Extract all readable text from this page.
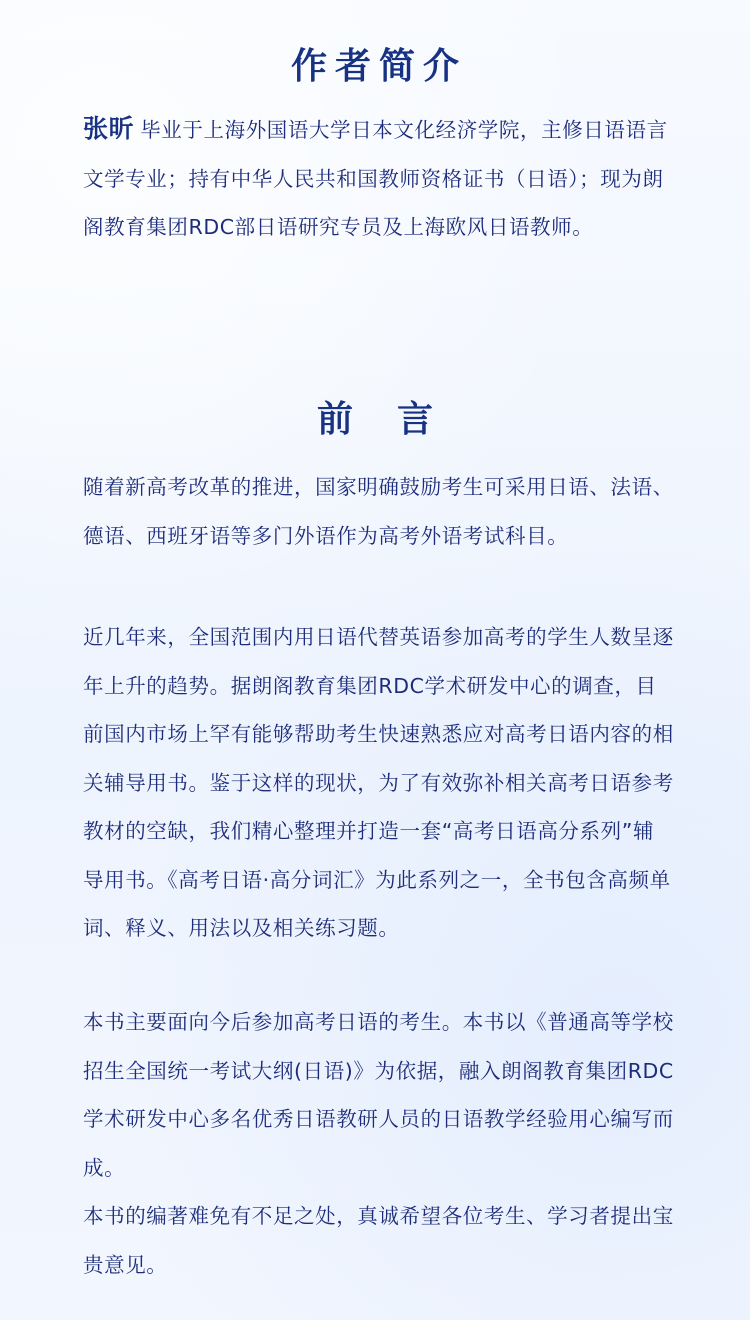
作者简介

张昕 毕业于上海外国语大学日本文化经济学院，主修日语语言文学专业；持有中华人民共和国教师资格证书（日语）；现为朗阁教育集团RDC部日语研究专员及上海欧风日语教师。

前言

随着新高考改革的推进，国家明确鼓励考生可采用日语、法语、德语、西班牙语等多门外语作为高考外语考试科目。

近几年来，全国范围内用日语代替英语参加高考的学生人数呈逐年上升的趋势。据朗阁教育集团RDC学术研发中心的调查，目前国内市场上罕有能够帮助考生快速熟悉应对高考日语内容的相关辅导用书。鉴于这样的现状，为了有效弥补相关高考日语参考教材的空缺，我们精心整理并打造一套“高考日语高分系列”辅导用书。《高考日语·高分词汇》为此系列之一，全书包含高频单词、释义、用法以及相关练习题。

本书主要面向今后参加高考日语的考生。本书以《普通高等学校招生全国统一考试大纲(日语)》为依据，融入朗阁教育集团RDC学术研发中心多名优秀日语教研人员的日语教学经验用心编写而成。

本书的编著难免有不足之处，真诚希望各位考生、学习者提出宝贵意见。
